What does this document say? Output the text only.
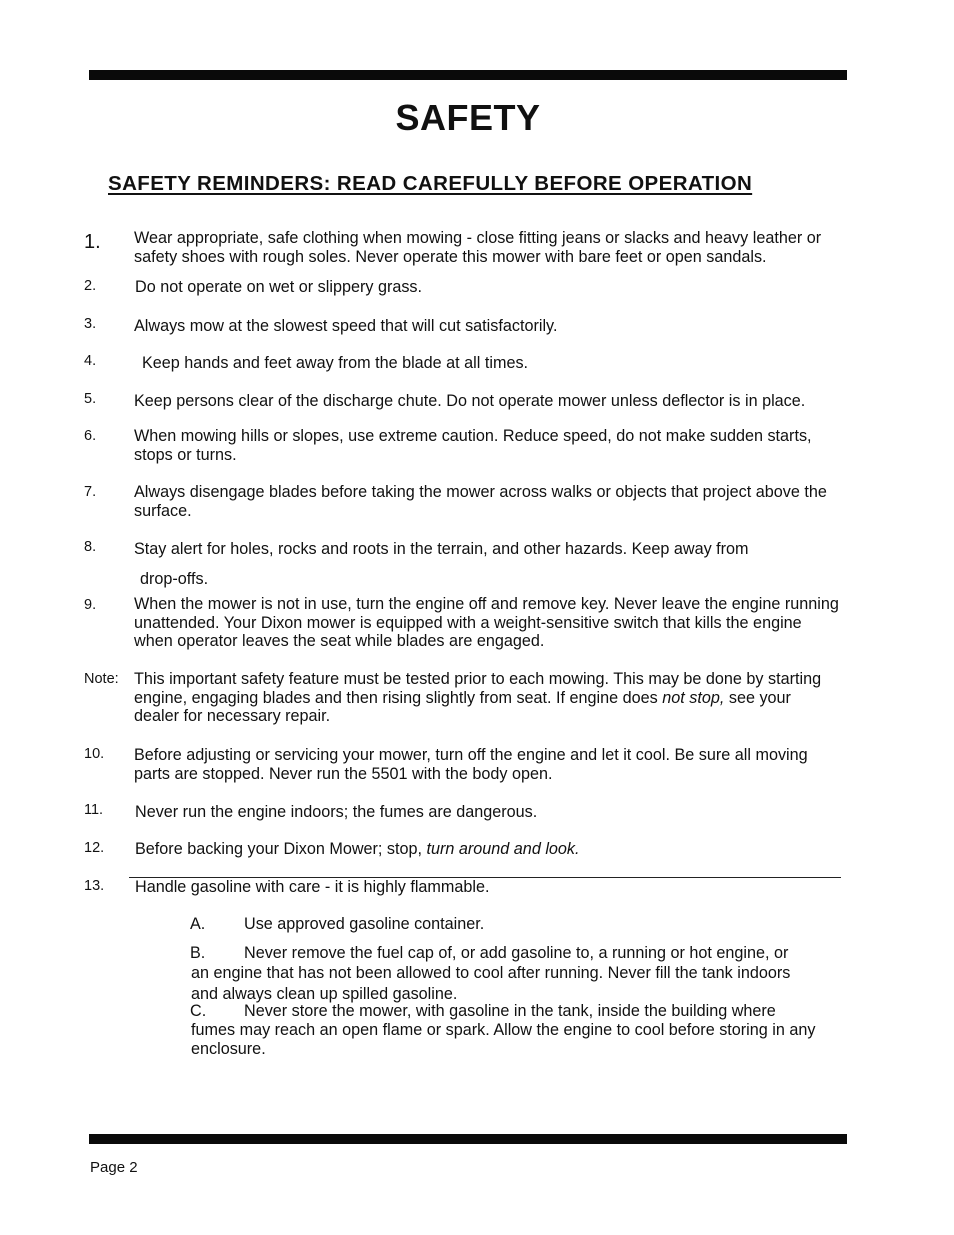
SAFETY
SAFETY REMINDERS: READ CAREFULLY BEFORE OPERATION
1. Wear appropriate, safe clothing when mowing - close fitting jeans or slacks and heavy leather or safety shoes with rough soles. Never operate this mower with bare feet or open sandals.
2. Do not operate on wet or slippery grass.
3. Always mow at the slowest speed that will cut satisfactorily.
4.	Keep hands and feet away from the blade at all times.
5. Keep persons clear of the discharge chute. Do not operate mower unless deflector is in place.
6. When mowing hills or slopes, use extreme caution. Reduce speed, do not make sudden starts, stops or turns.
7. Always disengage blades before taking the mower across walks or objects that project above the surface.
8. Stay alert for holes, rocks and roots in the terrain, and other hazards. Keep away from
drop-offs.
9. When the mower is not in use, turn the engine off and remove key. Never leave the engine running unattended. Your Dixon mower is equipped with a weight-sensitive switch that kills the engine when operator leaves the seat while blades are engaged.
Note: This important safety feature must be tested prior to each mowing. This may be done by starting engine, engaging blades and then rising slightly from seat. If engine does not stop, see your dealer for necessary repair.
10. Before adjusting or servicing your mower, turn off the engine and let it cool. Be sure all moving parts are stopped. Never run the 5501 with the body open.
11. Never run the engine indoors; the fumes are dangerous.
12. Before backing your Dixon Mower; stop, turn around and look.
13. Handle gasoline with care - it is highly flammable.
A. Use approved gasoline container.
B. Never remove the fuel cap of, or add gasoline to, a running or hot engine, or
an engine that has not been allowed to cool after running. Never fill the tank indoors and always clean up spilled gasoline.
C. Never store the mower, with gasoline in the tank, inside the building where
fumes may reach an open flame or spark. Allow the engine to cool before storing in any enclosure.
Page 2
